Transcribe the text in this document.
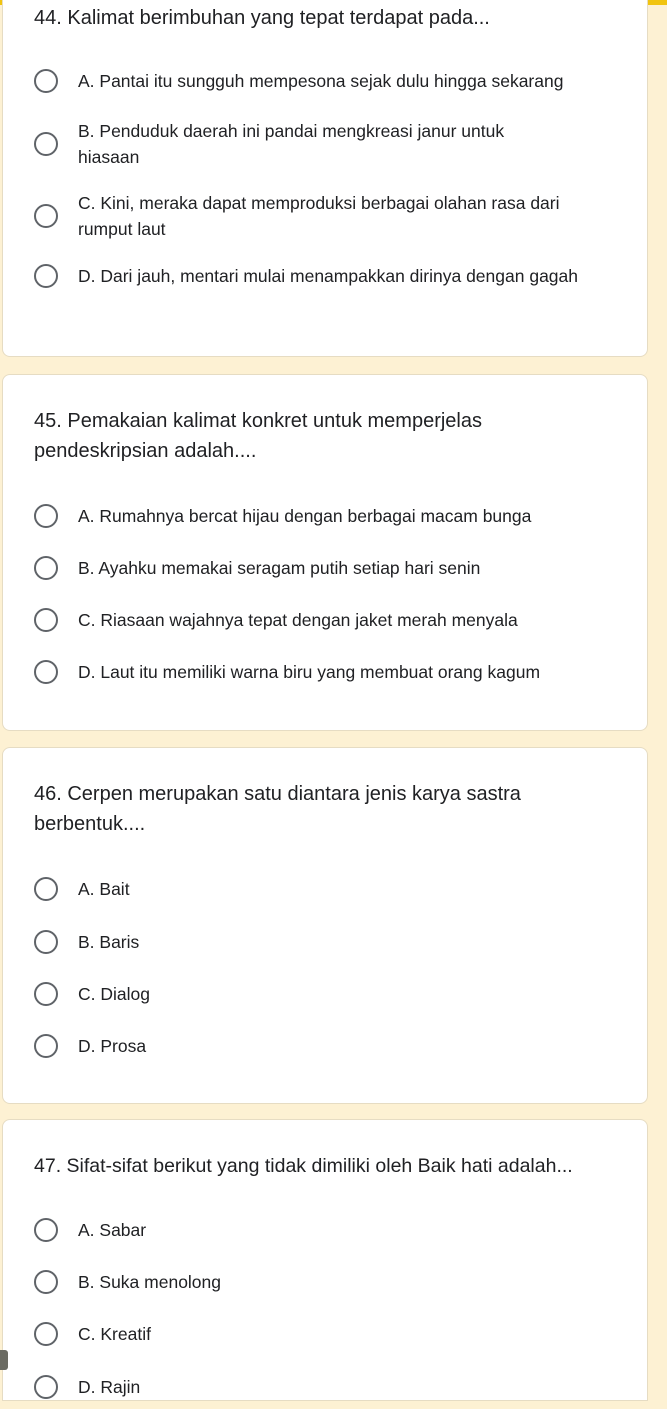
44. Kalimat berimbuhan yang tepat terdapat pada...
A. Pantai itu sungguh mempesona sejak dulu hingga sekarang
B. Penduduk daerah ini pandai mengkreasi janur untuk hiasaan
C. Kini, meraka dapat memproduksi berbagai olahan rasa dari rumput laut
D. Dari jauh, mentari mulai menampakkan dirinya dengan gagah
45. Pemakaian kalimat konkret untuk memperjelas pendeskripsian adalah....
A. Rumahnya bercat hijau dengan berbagai macam bunga
B. Ayahku memakai seragam putih setiap hari senin
C. Riasaan wajahnya tepat dengan jaket merah menyala
D. Laut itu memiliki warna biru yang membuat orang kagum
46. Cerpen merupakan satu diantara jenis karya sastra berbentuk....
A. Bait
B. Baris
C. Dialog
D. Prosa
47. Sifat-sifat berikut yang tidak dimiliki oleh Baik hati adalah...
A. Sabar
B. Suka menolong
C. Kreatif
D. Rajin
